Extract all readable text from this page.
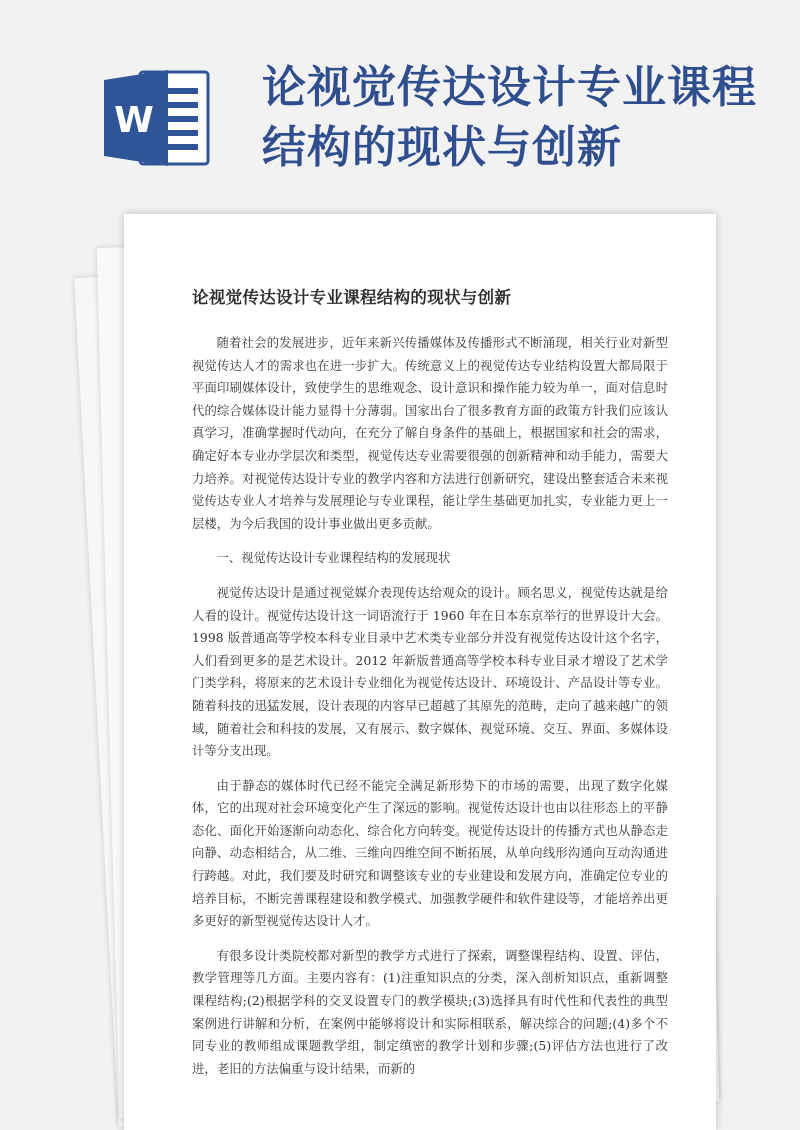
W
论视觉传达设计专业课程结构的现状与创新
论视觉传达设计专业课程结构的现状与创新

随着社会的发展进步，近年来新兴传播媒体及传播形式不断涌现，相关行业对新型视觉传达人才的需求也在进一步扩大。传统意义上的视觉传达专业结构设置大都局限于平面印刷媒体设计，致使学生的思维观念、设计意识和操作能力较为单一，面对信息时代的综合媒体设计能力显得十分薄弱。国家出台了很多教育方面的政策方针我们应该认真学习，准确掌握时代动向，在充分了解自身条件的基础上，根据国家和社会的需求，确定好本专业办学层次和类型，视觉传达专业需要很强的创新精神和动手能力，需要大力培养。对视觉传达设计专业的教学内容和方法进行创新研究，建设出整套适合未来视觉传达专业人才培养与发展理论与专业课程，能让学生基础更加扎实，专业能力更上一层楼，为今后我国的设计事业做出更多贡献。

一、视觉传达设计专业课程结构的发展现状

视觉传达设计是通过视觉媒介表现传达给观众的设计。顾名思义，视觉传达就是给人看的设计。视觉传达设计这一词语流行于 1960 年在日本东京举行的世界设计大会。1998 版普通高等学校本科专业目录中艺术类专业部分并没有视觉传达设计这个名字，人们看到更多的是艺术设计。2012 年新版普通高等学校本科专业目录才增设了艺术学门类学科，将原来的艺术设计专业细化为视觉传达设计、环境设计、产品设计等专业。随着科技的迅猛发展，设计表现的内容早已超越了其原先的范畴，走向了越来越广的领域，随着社会和科技的发展，又有展示、数字媒体、视觉环境、交互、界面、多媒体设计等分支出现。

由于静态的媒体时代已经不能完全满足新形势下的市场的需要，出现了数字化媒体，它的出现对社会环境变化产生了深远的影响。视觉传达设计也由以往形态上的平静态化、面化开始逐渐向动态化、综合化方向转变。视觉传达设计的传播方式也从静态走向静、动态相结合，从二维、三维向四维空间不断拓展，从单向线形沟通向互动沟通进行跨越。对此，我们要及时研究和调整该专业的专业建设和发展方向，准确定位专业的培养目标，不断完善课程建设和教学模式、加强教学硬件和软件建设等，才能培养出更多更好的新型视觉传达设计人才。

有很多设计类院校都对新型的教学方式进行了探索，调整课程结构、设置、评估，教学管理等几方面。主要内容有：(1)注重知识点的分类，深入剖析知识点，重新调整课程结构;(2)根据学科的交叉设置专门的教学模块;(3)选择具有时代性和代表性的典型案例进行讲解和分析，在案例中能够将设计和实际相联系，解决综合的问题;(4)多个不同专业的教师组成课题教学组，制定缜密的教学计划和步骤;(5)评估方法也进行了改进，老旧的方法偏重与设计结果，而新的
